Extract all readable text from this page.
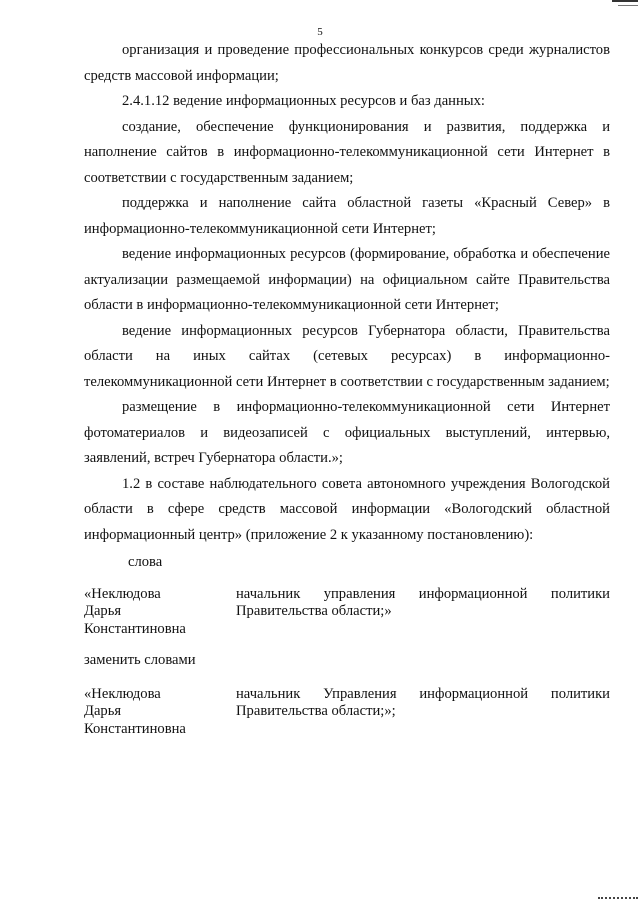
5

организация и проведение профессиональных конкурсов среди журналистов средств массовой информации;

2.4.1.12 ведение информационных ресурсов и баз данных:

создание, обеспечение функционирования и развития, поддержка и наполнение сайтов в информационно-телекоммуникационной сети Интернет в соответствии с государственным заданием;

поддержка и наполнение сайта областной газеты «Красный Север» в информационно-телекоммуникационной сети Интернет;

ведение информационных ресурсов (формирование, обработка и обеспечение актуализации размещаемой информации) на официальном сайте Правительства области в информационно-телекоммуникационной сети Интернет;

ведение информационных ресурсов Губернатора области, Правительства области на иных сайтах (сетевых ресурсах) в информационно-телекоммуникационной сети Интернет в соответствии с государственным заданием;

размещение в информационно-телекоммуникационной сети Интернет фотоматериалов и видеозаписей с официальных выступлений, интервью, заявлений, встреч Губернатора области.»;

1.2 в составе наблюдательного совета автономного учреждения Вологодской области в сфере средств массовой информации «Вологодский областной информационный центр» (приложение 2 к указанному постановлению):

слова

«Неклюдова Дарья Константиновна
начальник управления информационной политики Правительства области;»

заменить словами

«Неклюдова Дарья Константиновна
начальник Управления информационной политики Правительства области;»;
